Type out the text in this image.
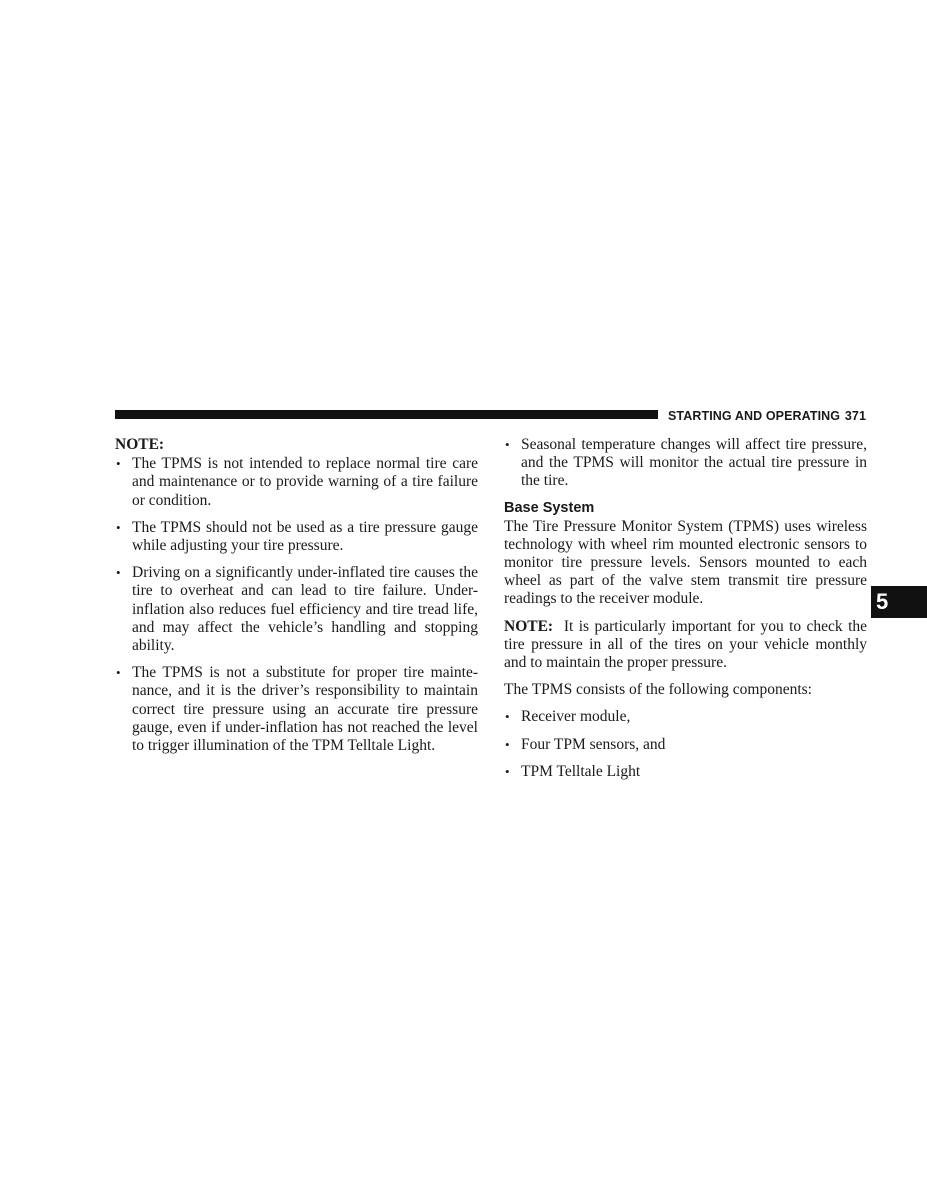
STARTING AND OPERATING 371
5
NOTE:
• The TPMS is not intended to replace normal tire care and maintenance or to provide warning of a tire failure or condition.
• The TPMS should not be used as a tire pressure gauge while adjusting your tire pressure.
• Driving on a significantly under-inflated tire causes the tire to overheat and can lead to tire failure. Under-inflation also reduces fuel efficiency and tire tread life, and may affect the vehicle’s handling and stopping ability.
• The TPMS is not a substitute for proper tire mainte-nance, and it is the driver’s responsibility to maintain correct tire pressure using an accurate tire pressure gauge, even if under-inflation has not reached the level to trigger illumination of the TPM Telltale Light.
• Seasonal temperature changes will affect tire pressure, and the TPMS will monitor the actual tire pressure in the tire.
Base System

The Tire Pressure Monitor System (TPMS) uses wireless technology with wheel rim mounted electronic sensors to monitor tire pressure levels. Sensors mounted to each wheel as part of the valve stem transmit tire pressure readings to the receiver module.

NOTE: It is particularly important for you to check the tire pressure in all of the tires on your vehicle monthly and to maintain the proper pressure.

The TPMS consists of the following components:

• Receiver module,
• Four TPM sensors, and
• TPM Telltale Light
